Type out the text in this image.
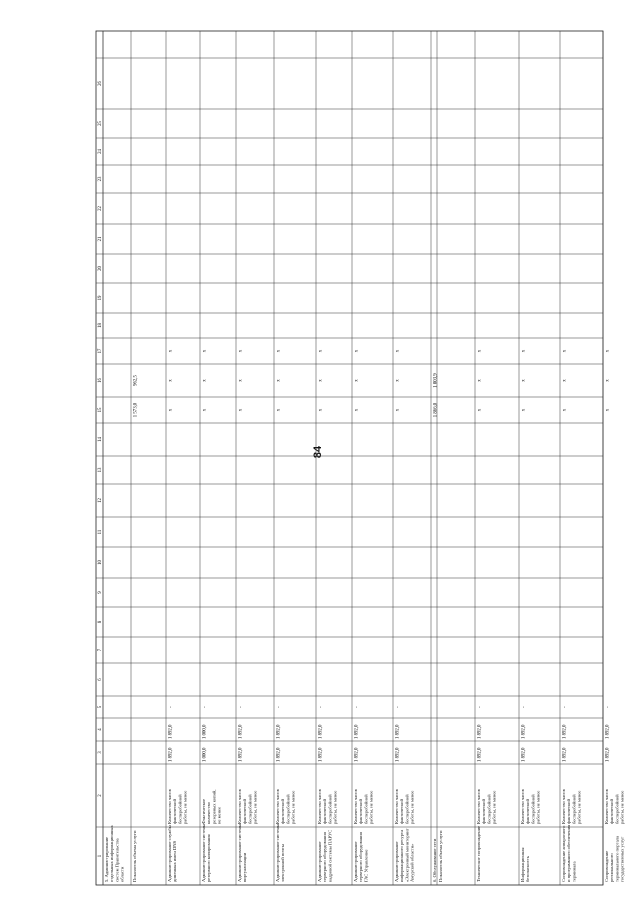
84
1
2
3
4
5
6
7
8
9
10
11
12
13
14
15
16
17
18
19
20
21
22
23
24
25
26
5. Администрирование отдельных информационных систем Правительства области Показатель объема услуги
1 573,0
962,5
Администрирование службы доменных имен DNS
Количество часов фактической бесперебойной работы, не менее
1 892,0
1 892,0
-
x
x
x
Администрирование системы резервного копирования
Фактическое количество резервных копий, не менее
1 000,0
1 000,0
-
x
x
x
Администрирование системы виртуализации
Количество часов фактической бесперебойной работы, не менее
1 892,0
1 892,0
-
x
x
x
Администрирование системы электронной почты
Количество часов фактической бесперебойной работы, не менее
1 892,0
1 892,0
-
x
x
x
Администрирование серверного оборудования кадровой системы ПАРУС
Количество часов фактической бесперебойной работы, не менее
1 892,0
1 892,0
-
x
x
x
Администрирование серверного оборудования ГАС Управление
Количество часов фактической бесперебойной работы, не менее
1 892,0
1 892,0
-
x
x
x
Администрирование информационного ресурса «Электронный мониторинг Амурской области»
Количество часов фактической бесперебойной работы, не менее
1 892,0
1 892,0
-
x
x
x
6. Обслуживание сети
1 866,0
1 003,9
Показатель объема услуги	Техническое сопровождение
Количество часов фактической бесперебойной работы, не менее
1 892,0
1 892,0
-
x
x
x
Информационная безопасность
Количество часов фактической бесперебойной работы, не менее
1 892,0
1 892,0
-
x
x
x
Сопровождение аппаратного и программного обеспечения терминала
Количество часов фактической бесперебойной работы, не менее
1 892,0
1 892,0
-
x
x
x
Сопровождение регионального терминального портала государственных услуг
Количество часов фактической бесперебойной работы, не менее
1 892,0
1 892,0
-
x
x
x
